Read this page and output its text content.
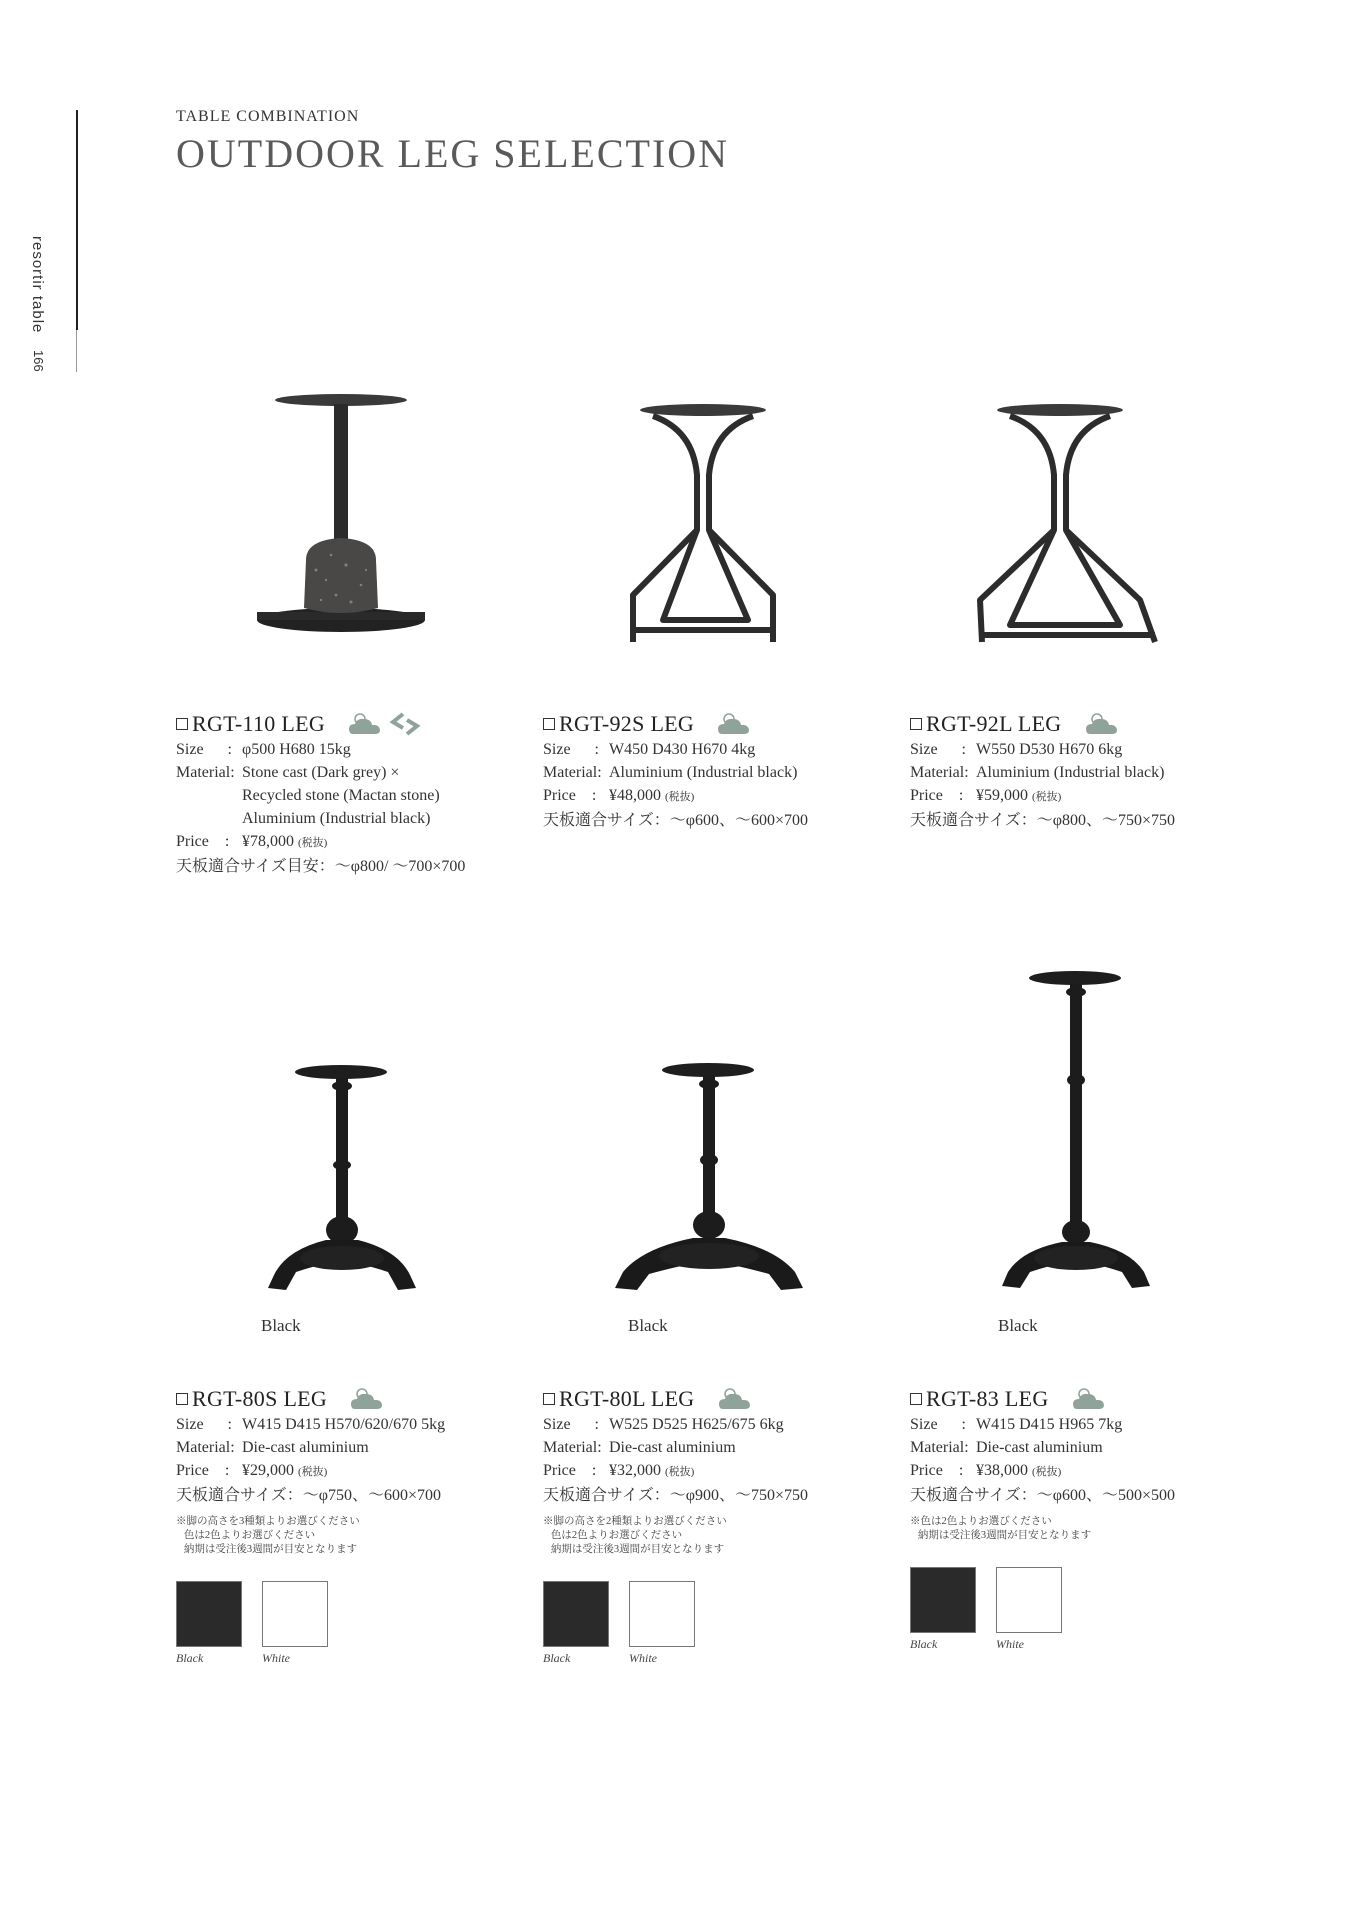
resortir table
166
TABLE COMBINATION
OUTDOOR LEG SELECTION
RGT-110 LEG
Size      : φ500 H680 15kg
Material: Stone cast (Dark grey) ×
Recycled stone (Mactan stone)
Aluminium (Industrial black)
Price    : ¥78,000 (税抜)
天板適合サイズ目安：～φ800/ ～700×700
RGT-92S LEG
Size      : W450 D430 H670 4kg
Material: Aluminium (Industrial black)
Price    : ¥48,000 (税抜)
天板適合サイズ：～φ600、～600×700
RGT-92L LEG
Size      : W550 D530 H670 6kg
Material: Aluminium (Industrial black)
Price    : ¥59,000 (税抜)
天板適合サイズ：～φ800、～750×750
Black
RGT-80S LEG
Size      : W415 D415 H570/620/670 5kg
Material: Die-cast aluminium
Price    : ¥29,000 (税抜)
天板適合サイズ：～φ750、～600×700
※脚の高さを3種類よりお選びください
色は2色よりお選びください
納期は受注後3週間が目安となります
Black	White
Black
RGT-80L LEG
Size      : W525 D525 H625/675 6kg
Material: Die-cast aluminium
Price    : ¥32,000 (税抜)
天板適合サイズ：～φ900、～750×750
※脚の高さを2種類よりお選びください
色は2色よりお選びください
納期は受注後3週間が目安となります
Black	White
Black
RGT-83 LEG
Size      : W415 D415 H965 7kg
Material: Die-cast aluminium
Price    : ¥38,000 (税抜)
天板適合サイズ：～φ600、～500×500
※色は2色よりお選びください
納期は受注後3週間が目安となります
Black	White
